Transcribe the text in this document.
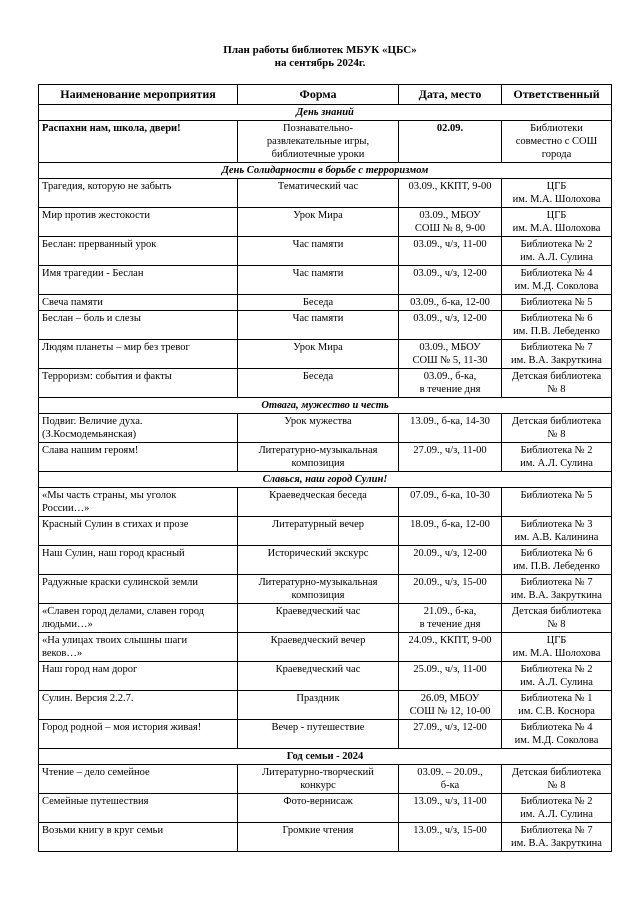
План работы библиотек МБУК «ЦБС»
на сентябрь 2024г.
Наименование мероприятия	Форма	Дата, место	Ответственный
День знаний			

Распахни нам, школа, двери!	Познавательно-
развлекательные игры,
библиотечные уроки	02.09.	Библиотеки
совместно с СОШ
города

День Солидарности в борьбе с терроризмом			

Трагедия, которую не забыть	Тематический час	03.09., ККПТ, 9-00	ЦГБ
им. М.А. Шолохова

Мир против жестокости	Урок Мира	03.09., МБОУ
СОШ № 8, 9-00	ЦГБ
им. М.А. Шолохова

Беслан: прерванный урок	Час памяти	03.09., ч/з, 11-00	Библиотека № 2
им. А.Л. Сулина

Имя трагедии - Беслан	Час памяти	03.09., ч/з, 12-00	Библиотека № 4
им. М.Д. Соколова

Свеча памяти	Беседа	03.09., б-ка, 12-00	Библиотека № 5

Беслан – боль и слезы	Час памяти	03.09., ч/з, 12-00	Библиотека № 6
им. П.В. Лебеденко

Людям планеты – мир без тревог	Урок Мира	03.09., МБОУ
СОШ № 5, 11-30	Библиотека № 7
им. В.А. Закруткина

Терроризм: события и факты	Беседа	03.09., б-ка,
в течение дня	Детская библиотека
№ 8

Отвага, мужество и честь			

Подвиг. Величие духа.
(З.Космодемьянская)	Урок мужества	13.09., б-ка, 14-30	Детская библиотека
№ 8

Слава нашим героям!	Литературно-музыкальная
композиция	27.09., ч/з, 11-00	Библиотека № 2
им. А.Л. Сулина

Славься, наш город Сулин!			

«Мы часть страны, мы уголок
России…»	Краеведческая беседа	07.09., б-ка, 10-30	Библиотека № 5

Красный Сулин в стихах и прозе	Литературный вечер	18.09., б-ка, 12-00	Библиотека № 3
им. А.В. Калинина

Наш Сулин, наш город красный	Исторический экскурс	20.09., ч/з, 12-00	Библиотека № 6
им. П.В. Лебеденко

Радужные краски сулинской земли	Литературно-музыкальная
композиция	20.09., ч/з, 15-00	Библиотека № 7
им. В.А. Закруткина

«Славен город делами, славен город
людьми…»	Краеведческий час	21.09., б-ка,
в течение дня	Детская библиотека
№ 8

«На улицах твоих слышны шаги
веков…»	Краеведческий вечер	24.09., ККПТ, 9-00	ЦГБ
им. М.А. Шолохова

Наш город нам дорог	Краеведческий час	25.09., ч/з, 11-00	Библиотека № 2
им. А.Л. Сулина

Сулин. Версия 2.2.7.	Праздник	26.09, МБОУ
СОШ № 12, 10-00	Библиотека № 1
им. С.В. Коснора

Город родной – моя история живая!	Вечер - путешествие	27.09., ч/з, 12-00	Библиотека № 4
им. М.Д. Соколова

Год семьи - 2024			

Чтение – дело семейное	Литературно-творческий
конкурс	03.09. – 20.09.,
б-ка	Детская библиотека
№ 8

Семейные путешествия	Фото-вернисаж	13.09., ч/з, 11-00	Библиотека № 2
им. А.Л. Сулина

Возьми книгу в круг семьи	Громкие чтения	13.09., ч/з, 15-00	Библиотека № 7
им. В.А. Закруткина
